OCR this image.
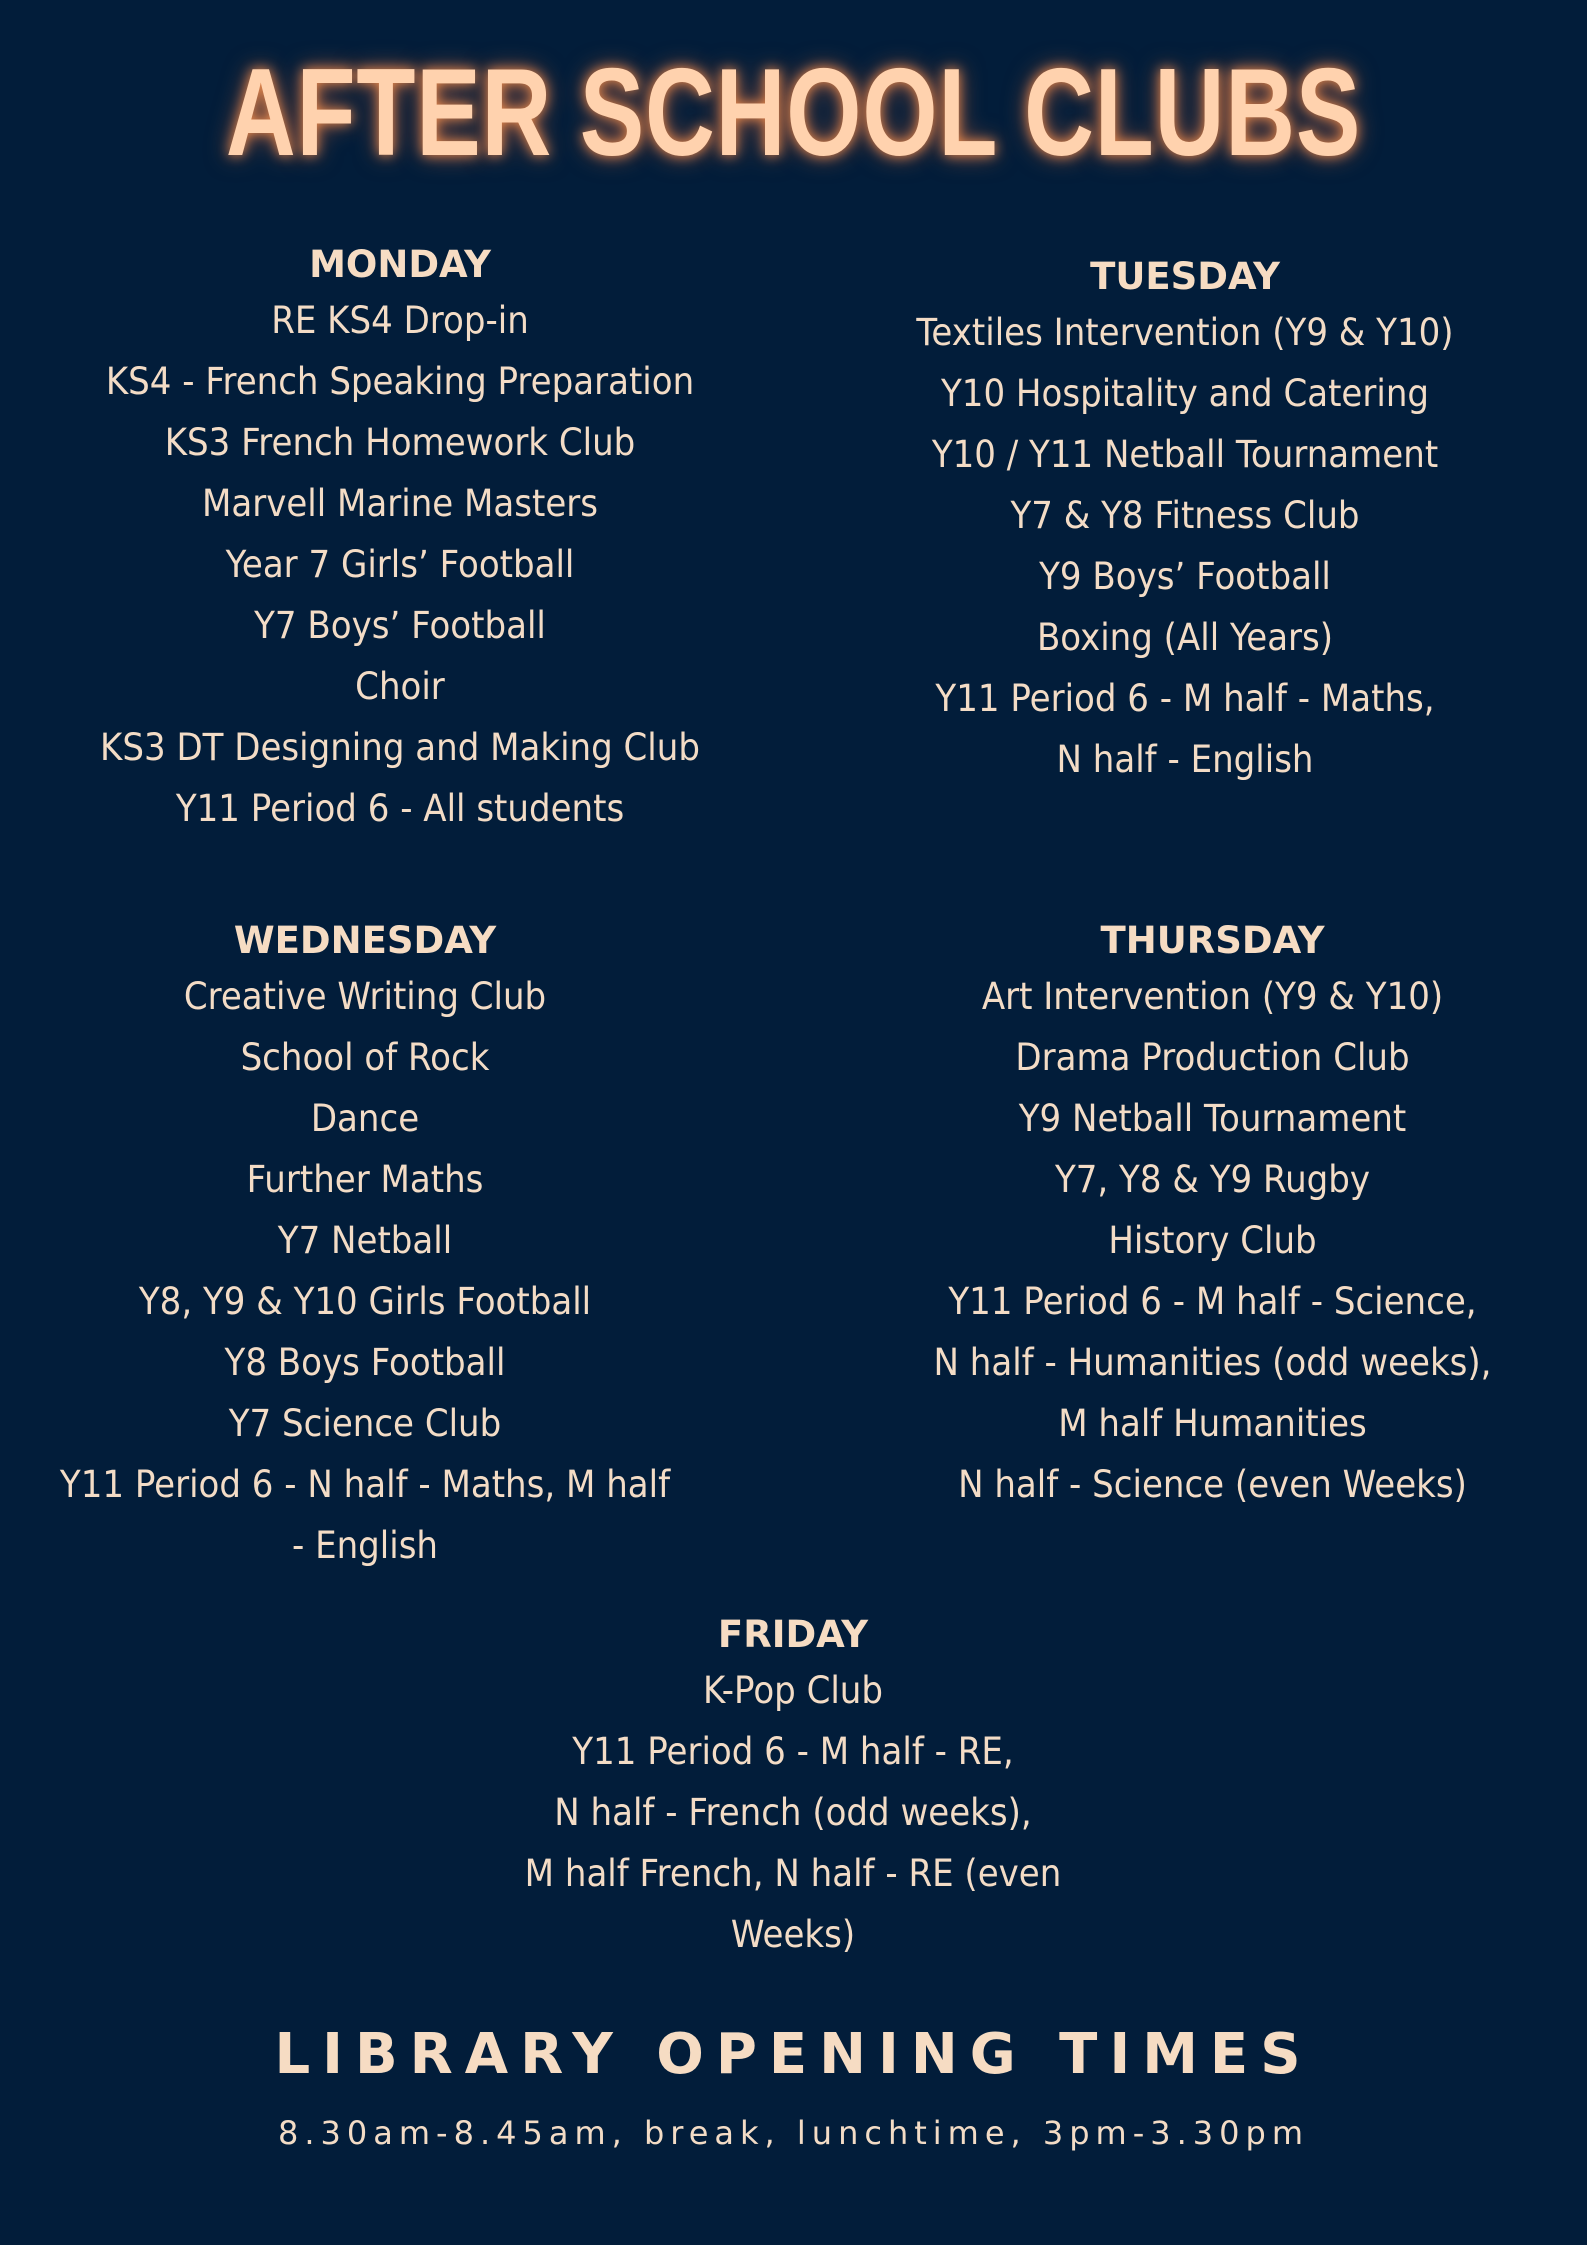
AFTER SCHOOL CLUBS
MONDAY
RE KS4 Drop-in
KS4 - French Speaking Preparation
KS3 French Homework Club
Marvell Marine Masters
Year 7 Girls’ Football
Y7 Boys’ Football
Choir
KS3 DT Designing and Making Club
Y11 Period 6 - All students
TUESDAY
Textiles Intervention (Y9 & Y10)
Y10 Hospitality and Catering
Y10 / Y11 Netball Tournament
Y7 & Y8 Fitness Club
Y9 Boys’ Football
Boxing (All Years)
Y11 Period 6 - M half - Maths,
N half - English
WEDNESDAY
Creative Writing Club
School of Rock
Dance
Further Maths
Y7 Netball
Y8, Y9 & Y10 Girls Football
Y8 Boys Football
Y7 Science Club
Y11 Period 6 - N half - Maths, M half
- English
THURSDAY
Art Intervention (Y9 & Y10)
Drama Production Club
Y9 Netball Tournament
Y7, Y8 & Y9 Rugby
History Club
Y11 Period 6 - M half - Science,
N half - Humanities (odd weeks),
M half Humanities
N half - Science (even Weeks)
FRIDAY
K-Pop Club
Y11 Period 6 - M half - RE,
N half - French (odd weeks),
M half French, N half - RE (even
Weeks)
LIBRARY OPENING TIMES
8.30am-8.45am, break, lunchtime, 3pm-3.30pm
